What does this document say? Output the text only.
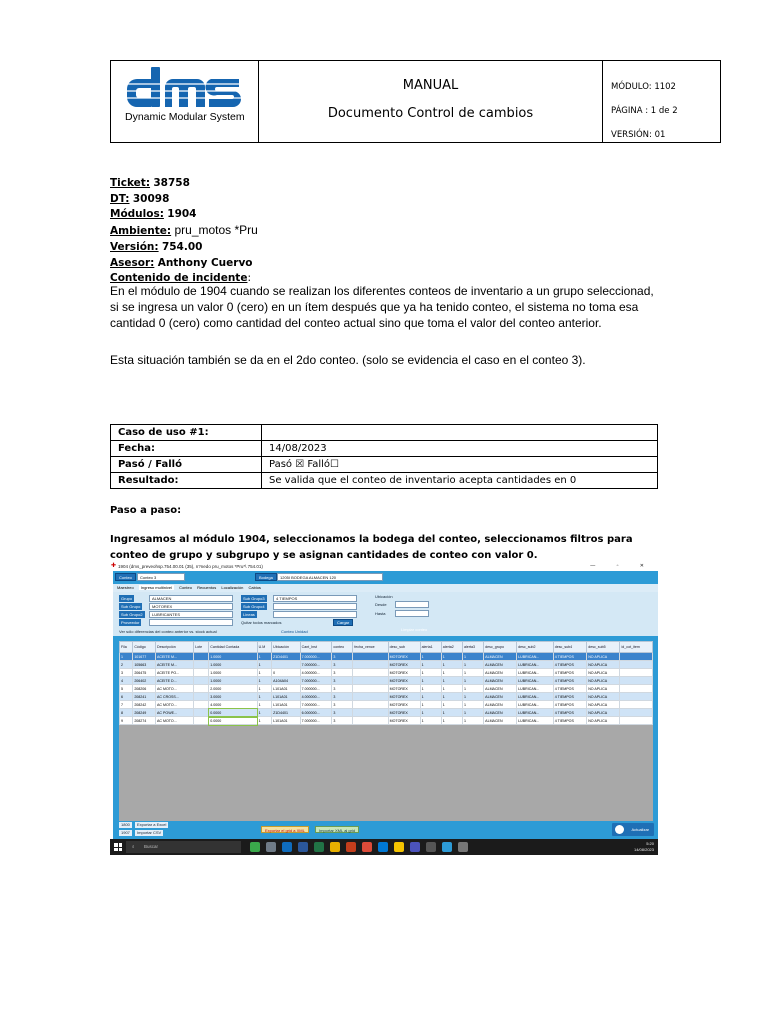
Dynamic Modular System
MANUAL
Documento Control de cambios
MÓDULO: 1102
PÁGINA : 1 de 2
VERSIÓN: 01
Ticket: 38758
DT: 30098
Módulos: 1904
Ambiente: pru_motos *Pru
Versión: 754.00
Asesor: Anthony Cuervo
Contenido de incidente:
En el módulo de 1904 cuando se realizan los diferentes conteos de inventario a un grupo seleccionad, si se ingresa un valor 0 (cero) en un ítem después que ya ha tenido conteo, el sistema no toma esa cantidad 0 (cero) como cantidad del conteo actual sino que toma el valor del conteo anterior.
Esta situación también se da en el 2do conteo. (solo se evidencia el caso en el conteo 3).
Caso de uso #1:	
Fecha:	14/08/2023
Pasó / Falló	Pasó ☒ Falló☐
Resultado:	Se valida que el conteo de inventario acepta cantidades en 0
Paso a paso:
Ingresamos al módulo 1904, seleccionamos la bodega del conteo, seleccionamos filtros para conteo de grupo y subgrupo y se asignan cantidades de conteo con valor 0.
✚ 1904 (dms_preveohsp.754.00.01 (35), n?nedo pru_motos *Pru*\ 754.01)	— ▫ ✕
Conteo	Conteo 3	Bodega	1205I BODEGA ALMACEN 120
Maestreo Ingreso multinivel Conteo Recuentos Localización Cabios
Grupo	ALMACEN
Sub Grupo	MOTOREX
Sub Grupo2	LUBRICANTES
Proveedor
Sub Grupo3	4 TIEMPOS
Sub Grupo4
Lineas
Quitar todos marcados	Cargar
Ubicación
Desde
Hasta
Limpiar conteo
Ver sólo diferencias del conteo anterior vs. stock actual	Conteo Unidad
Fila	Código	Descripción	Lote	Cantidad Contada	U.M	Ubicación	Cant_Inst	conteo	fecha_vence	desc_sub	alerta1	alerta2	alerta3	desc_grupo	desc_sub2	desc_sub4	desc_sub5	id_cot_item
1	101677	ACEITE M...		1.0000	1	Z1D4401	7.000000...	3		MOTOREX	1	1	1	ALMACEN	LUBRICAN...	4 TIEMPOS	NO APLICA	
2	105663	ACEITE M...		1.0000	1		7.000000...	3		MOTOREX	1	1	1	ALMACEN	LUBRICAN...	4 TIEMPOS	NO APLICA	
3	206475	ACEITE PO...		1.0000	1	0	4.000000...	3		MOTOREX	1	1	1	ALMACEN	LUBRICAN...	4 TIEMPOS	NO APLICA	
4	206402	ACEITE D...		1.0000	1	A104A04	7.000000...	3		MOTOREX	1	1	1	ALMACEN	LUBRICAN...	4 TIEMPOS	NO APLICA	
5	208206	AC MOTO...		2.0000	1	L101A01	7.000000...	3		MOTOREX	1	1	1	ALMACEN	LUBRICAN...	4 TIEMPOS	NO APLICA	
6	208241	AC CROSS...		3.0000	1	L101A01	4.000000...	3		MOTOREX	1	1	1	ALMACEN	LUBRICAN...	4 TIEMPOS	NO APLICA	
7	208242	AC MOTO...		4.0000	1	L101A01	7.000000...	3		MOTOREX	1	1	1	ALMACEN	LUBRICAN...	4 TIEMPOS	NO APLICA	
8	208249	AC POWE...		0.0000	1	Z1D4401	6.000000...	3		MOTOREX	1	1	1	ALMACEN	LUBRICAN...	4 TIEMPOS	NO APLICA	
9	208274	AC MOTO...		0.0000	1	L101A01	7.000000...	3		MOTOREX	1	1	1	ALMACEN	LUBRICAN...	4 TIEMPOS	NO APLICA	
1800	Exportar a Excel
1907	Importar CSV	Exportar el grid a XML	Importar XML al grid	Actualizar
⌕ Buscar
5:20
14/08/2023
